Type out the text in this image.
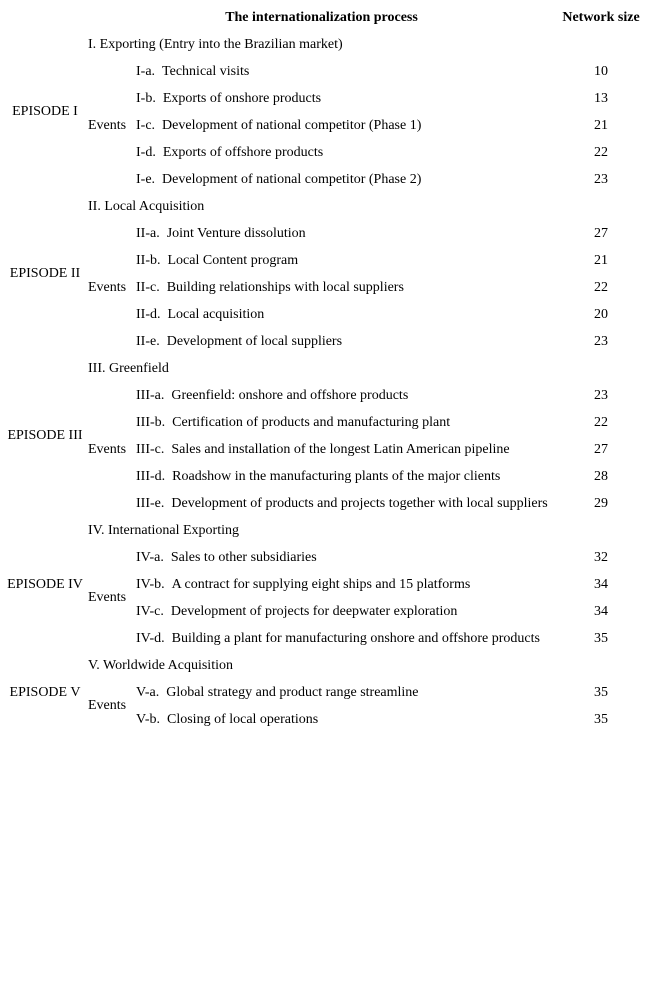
	The internationalization process		Network size
EPISODE I	I. Exporting (Entry into the Brazilian market)		
	Events	I-a. Technical visits	10
		I-b. Exports of onshore products	13
		I-c. Development of national competitor (Phase 1)	21
		I-d. Exports of offshore products	22
		I-e. Development of national competitor (Phase 2)	23
EPISODE II	II. Local Acquisition		
	Events	II-a. Joint Venture dissolution	27
		II-b. Local Content program	21
		II-c. Building relationships with local suppliers	22
		II-d. Local acquisition	20
		II-e. Development of local suppliers	23
EPISODE III	III. Greenfield		
	Events	III-a. Greenfield: onshore and offshore products	23
		III-b. Certification of products and manufacturing plant	22
		III-c. Sales and installation of the longest Latin American pipeline	27
		III-d. Roadshow in the manufacturing plants of the major clients	28
		III-e. Development of products and projects together with local suppliers	29
EPISODE IV	IV. International Exporting		
	Events	IV-a. Sales to other subsidiaries	32
		IV-b. A contract for supplying eight ships and 15 platforms	34
		IV-c. Development of projects for deepwater exploration	34
		IV-d. Building a plant for manufacturing onshore and offshore products	35
EPISODE V	V. Worldwide Acquisition		
	Events	V-a. Global strategy and product range streamline	35
		V-b. Closing of local operations	35
